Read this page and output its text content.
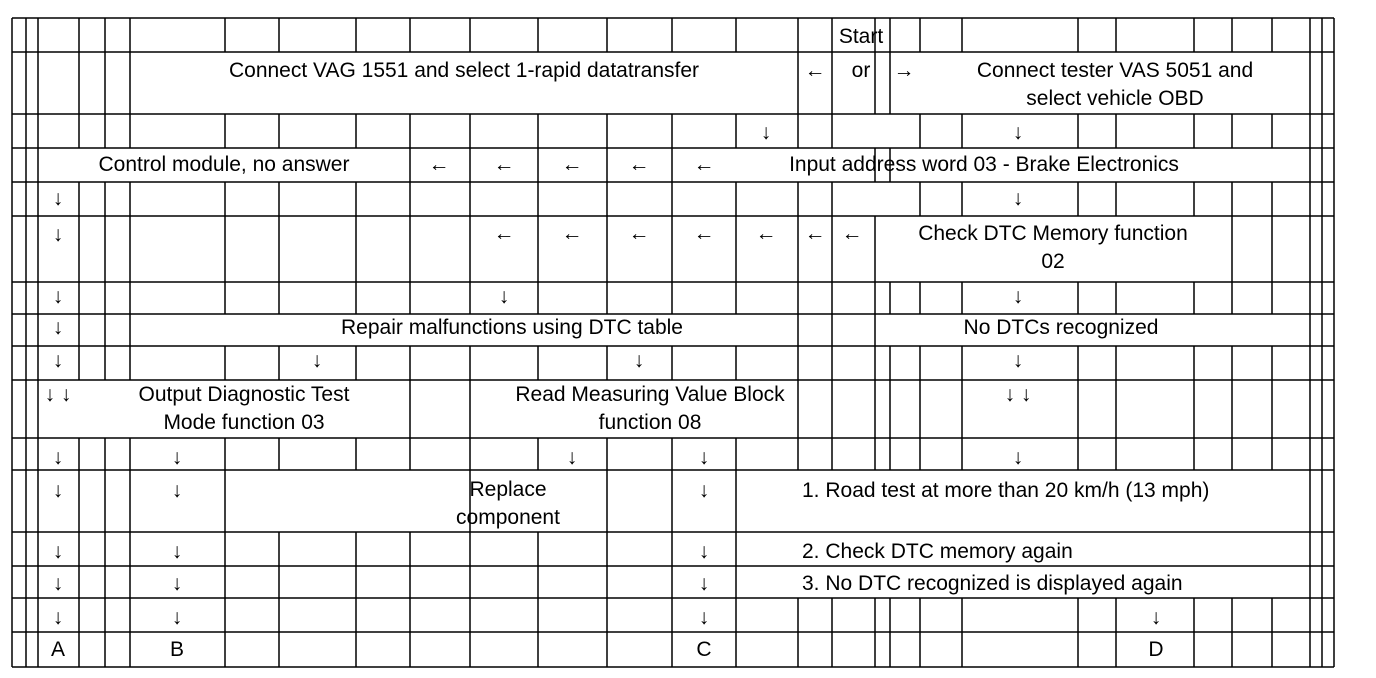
Start
Connect VAG 1551 and select 1-rapid datatransfer	← or →	Connect tester VAS 5051 and
select vehicle OBD
↓	↓
Control module, no answer	← ← ← ← ←	Input address word 03 - Brake Electronics
↓	↓
↓	← ← ← ← ← ← ←	Check DTC Memory function
02
↓	↓	↓
↓	Repair malfunctions using DTC table	No DTCs recognized
↓	↓	↓	↓
↓ ↓	Output Diagnostic Test
Mode function 03
Read Measuring Value Block
function 08
↓ ↓
↓	↓	↓	↓	↓
↓	↓	Replace
component
↓	1. Road test at more than 20 km/h (13 mph)
↓	↓	↓	2. Check DTC memory again
↓	↓	↓	3. No DTC recognized is displayed again
↓	↓	↓	↓
A	B	C	D
